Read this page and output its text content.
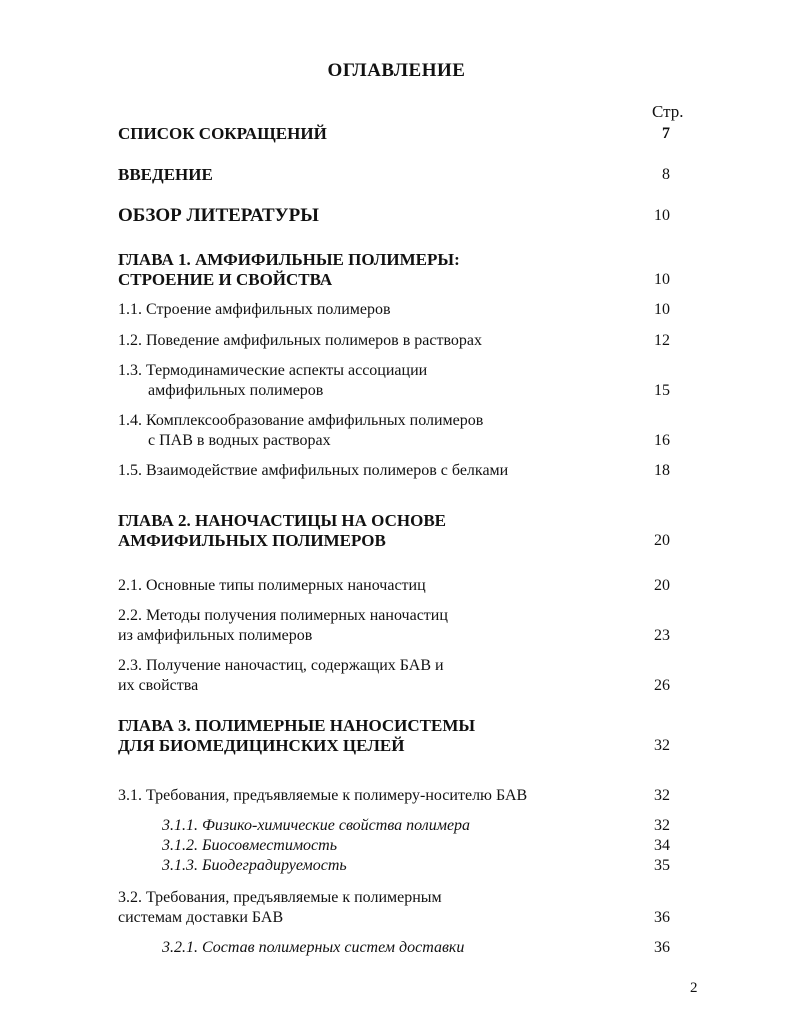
ОГЛАВЛЕНИЕ
Стр.
СПИСОК СОКРАЩЕНИЙ	7
ВВЕДЕНИЕ	8
ОБЗОР ЛИТЕРАТУРЫ	10
ГЛАВА 1. АМФИФИЛЬНЫЕ ПОЛИМЕРЫ:
СТРОЕНИЕ И СВОЙСТВА	10
1.1. Строение амфифильных полимеров	10
1.2. Поведение амфифильных полимеров в растворах	12
1.3. Термодинамические аспекты ассоциации
амфифильных полимеров	15
1.4. Комплексообразование амфифильных полимеров
с ПАВ в водных растворах	16
1.5. Взаимодействие амфифильных полимеров с белками	18
ГЛАВА 2. НАНОЧАСТИЦЫ НА ОСНОВЕ
АМФИФИЛЬНЫХ ПОЛИМЕРОВ	20
2.1. Основные типы полимерных наночастиц	20
2.2. Методы получения полимерных наночастиц
из амфифильных полимеров	23
2.3. Получение наночастиц, содержащих БАВ и
их свойства	26
ГЛАВА 3. ПОЛИМЕРНЫЕ НАНОСИСТЕМЫ
ДЛЯ БИОМЕДИЦИНСКИХ ЦЕЛЕЙ	32
3.1. Требования, предъявляемые к полимеру-носителю БАВ	32
3.1.1. Физико-химические свойства полимера	32
3.1.2. Биосовместимость	34
3.1.3. Биодеградируемость	35
3.2. Требования, предъявляемые к полимерным
системам доставки БАВ	36
3.2.1. Состав полимерных систем доставки	36
2
